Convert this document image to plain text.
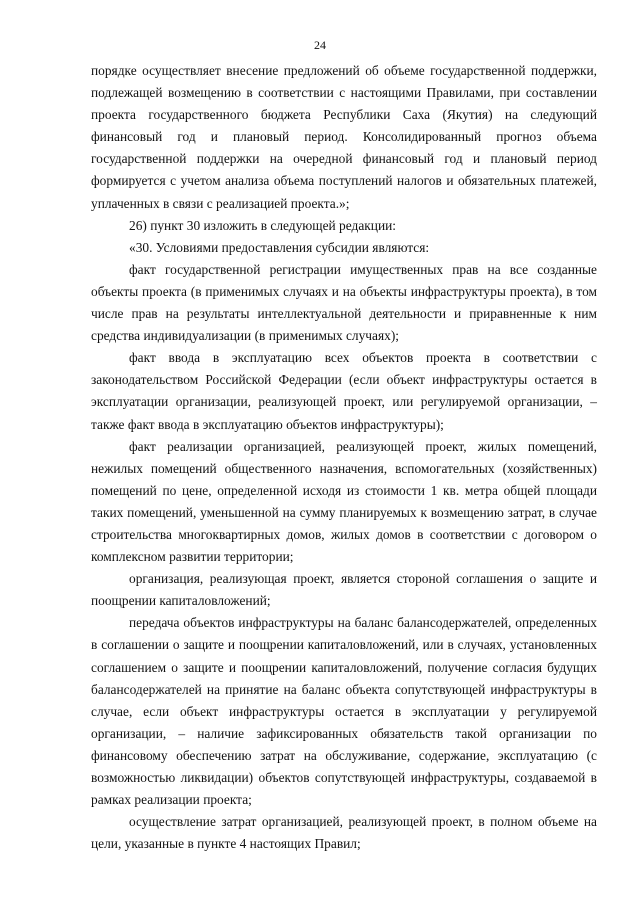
24

порядке осуществляет внесение предложений об объеме государственной поддержки, подлежащей возмещению в соответствии с настоящими Правилами, при составлении проекта государственного бюджета Республики Саха (Якутия) на следующий финансовый год и плановый период. Консолидированный прогноз объема государственной поддержки на очередной финансовый год и плановый период формируется с учетом анализа объема поступлений налогов и обязательных платежей, уплаченных в связи с реализацией проекта.»;

26) пункт 30 изложить в следующей редакции:

«30. Условиями предоставления субсидии являются:

факт государственной регистрации имущественных прав на все созданные объекты проекта (в применимых случаях и на объекты инфраструктуры проекта), в том числе прав на результаты интеллектуальной деятельности и приравненные к ним средства индивидуализации (в применимых случаях);

факт ввода в эксплуатацию всех объектов проекта в соответствии с законодательством Российской Федерации (если объект инфраструктуры остается в эксплуатации организации, реализующей проект, или регулируемой организации, – также факт ввода в эксплуатацию объектов инфраструктуры);

факт реализации организацией, реализующей проект, жилых помещений, нежилых помещений общественного назначения, вспомогательных (хозяйственных) помещений по цене, определенной исходя из стоимости 1 кв. метра общей площади таких помещений, уменьшенной на сумму планируемых к возмещению затрат, в случае строительства многоквартирных домов, жилых домов в соответствии с договором о комплексном развитии территории;

организация, реализующая проект, является стороной соглашения о защите и поощрении капиталовложений;

передача объектов инфраструктуры на баланс балансодержателей, определенных в соглашении о защите и поощрении капиталовложений, или в случаях, установленных соглашением о защите и поощрении капиталовложений, получение согласия будущих балансодержателей на принятие на баланс объекта сопутствующей инфраструктуры в случае, если объект инфраструктуры остается в эксплуатации у регулируемой организации, – наличие зафиксированных обязательств такой организации по финансовому обеспечению затрат на обслуживание, содержание, эксплуатацию (с возможностью ликвидации) объектов сопутствующей инфраструктуры, создаваемой в рамках реализации проекта;

осуществление затрат организацией, реализующей проект, в полном объеме на цели, указанные в пункте 4 настоящих Правил;
